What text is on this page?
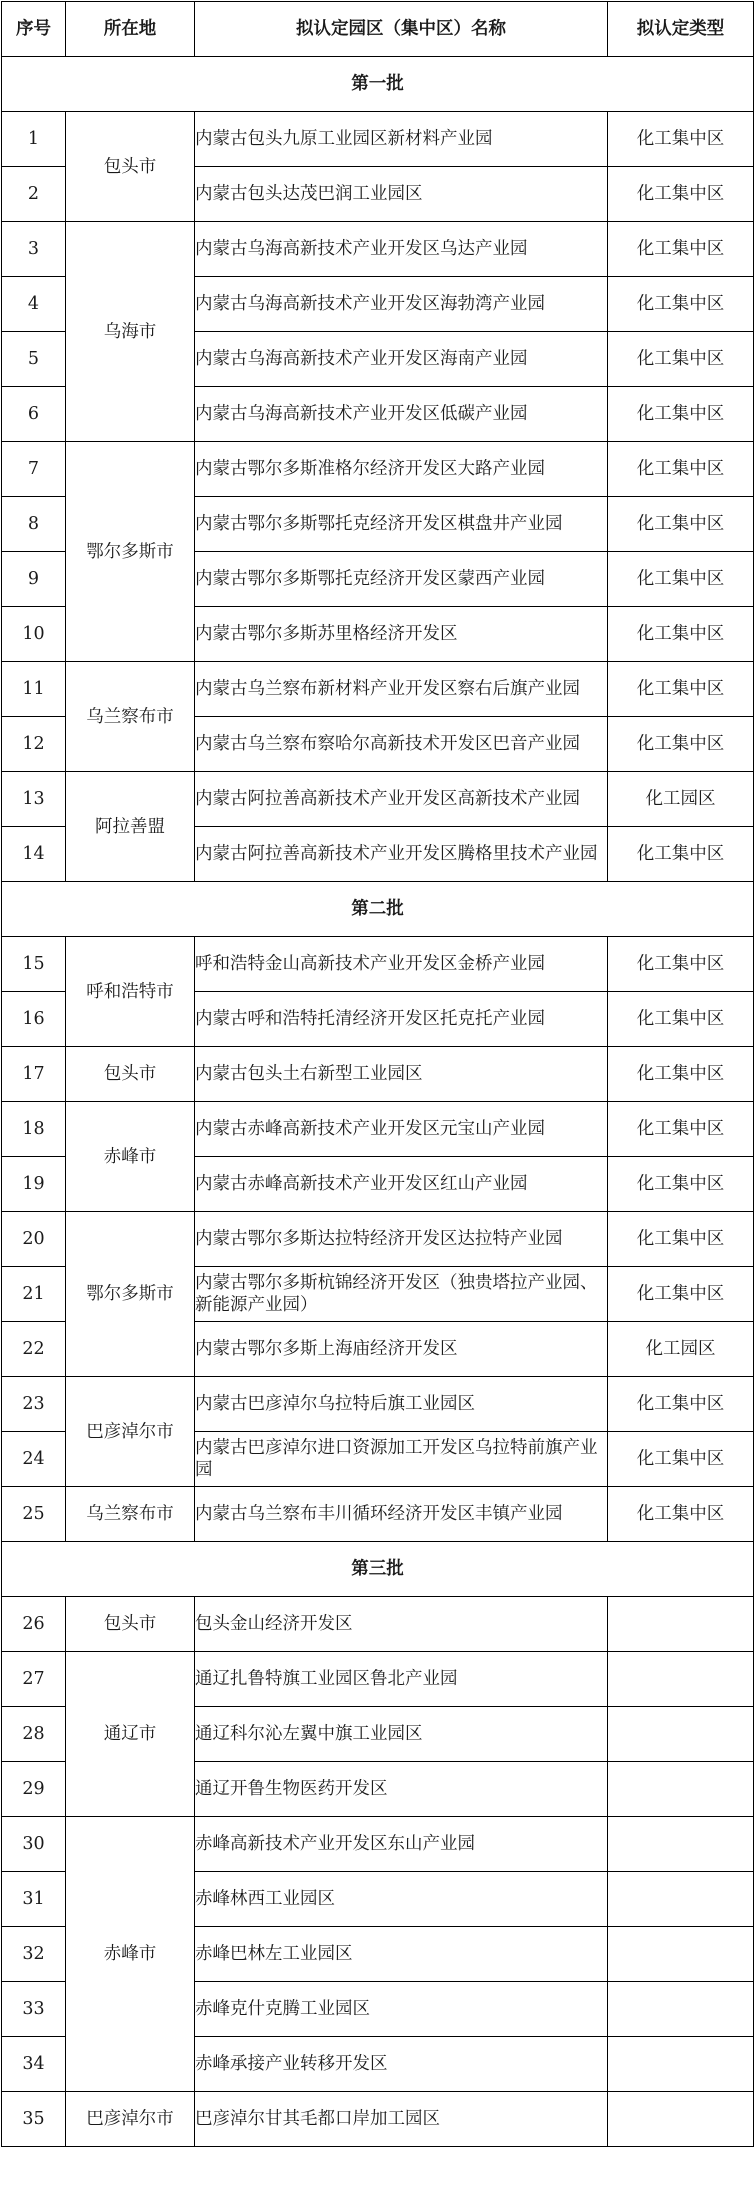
序号	所在地	拟认定园区（集中区）名称	拟认定类型
第一批			
1	包头市	内蒙古包头九原工业园区新材料产业园	化工集中区
2		内蒙古包头达茂巴润工业园区	化工集中区
3	乌海市	内蒙古乌海高新技术产业开发区乌达产业园	化工集中区
4		内蒙古乌海高新技术产业开发区海勃湾产业园	化工集中区
5		内蒙古乌海高新技术产业开发区海南产业园	化工集中区
6		内蒙古乌海高新技术产业开发区低碳产业园	化工集中区
7	鄂尔多斯市	内蒙古鄂尔多斯准格尔经济开发区大路产业园	化工集中区
8		内蒙古鄂尔多斯鄂托克经济开发区棋盘井产业园	化工集中区
9		内蒙古鄂尔多斯鄂托克经济开发区蒙西产业园	化工集中区
10		内蒙古鄂尔多斯苏里格经济开发区	化工集中区
11	乌兰察布市	内蒙古乌兰察布新材料产业开发区察右后旗产业园	化工集中区
12		内蒙古乌兰察布察哈尔高新技术开发区巴音产业园	化工集中区
13	阿拉善盟	内蒙古阿拉善高新技术产业开发区高新技术产业园	化工园区
14		内蒙古阿拉善高新技术产业开发区腾格里技术产业园	化工集中区
第二批			
15	呼和浩特市	呼和浩特金山高新技术产业开发区金桥产业园	化工集中区
16		内蒙古呼和浩特托清经济开发区托克托产业园	化工集中区
17	包头市	内蒙古包头土右新型工业园区	化工集中区
18	赤峰市	内蒙古赤峰高新技术产业开发区元宝山产业园	化工集中区
19		内蒙古赤峰高新技术产业开发区红山产业园	化工集中区
20	鄂尔多斯市	内蒙古鄂尔多斯达拉特经济开发区达拉特产业园	化工集中区
21		内蒙古鄂尔多斯杭锦经济开发区（独贵塔拉产业园、新能源产业园）	化工集中区
22		内蒙古鄂尔多斯上海庙经济开发区	化工园区
23	巴彦淖尔市	内蒙古巴彦淖尔乌拉特后旗工业园区	化工集中区
24		内蒙古巴彦淖尔进口资源加工开发区乌拉特前旗产业园	化工集中区
25	乌兰察布市	内蒙古乌兰察布丰川循环经济开发区丰镇产业园	化工集中区
第三批			
26	包头市	包头金山经济开发区	
27	通辽市	通辽扎鲁特旗工业园区鲁北产业园	
28		通辽科尔沁左翼中旗工业园区	
29		通辽开鲁生物医药开发区	
30	赤峰市	赤峰高新技术产业开发区东山产业园	
31		赤峰林西工业园区	
32		赤峰巴林左工业园区	
33		赤峰克什克腾工业园区	
34		赤峰承接产业转移开发区	
35	巴彦淖尔市	巴彦淖尔甘其毛都口岸加工园区	
